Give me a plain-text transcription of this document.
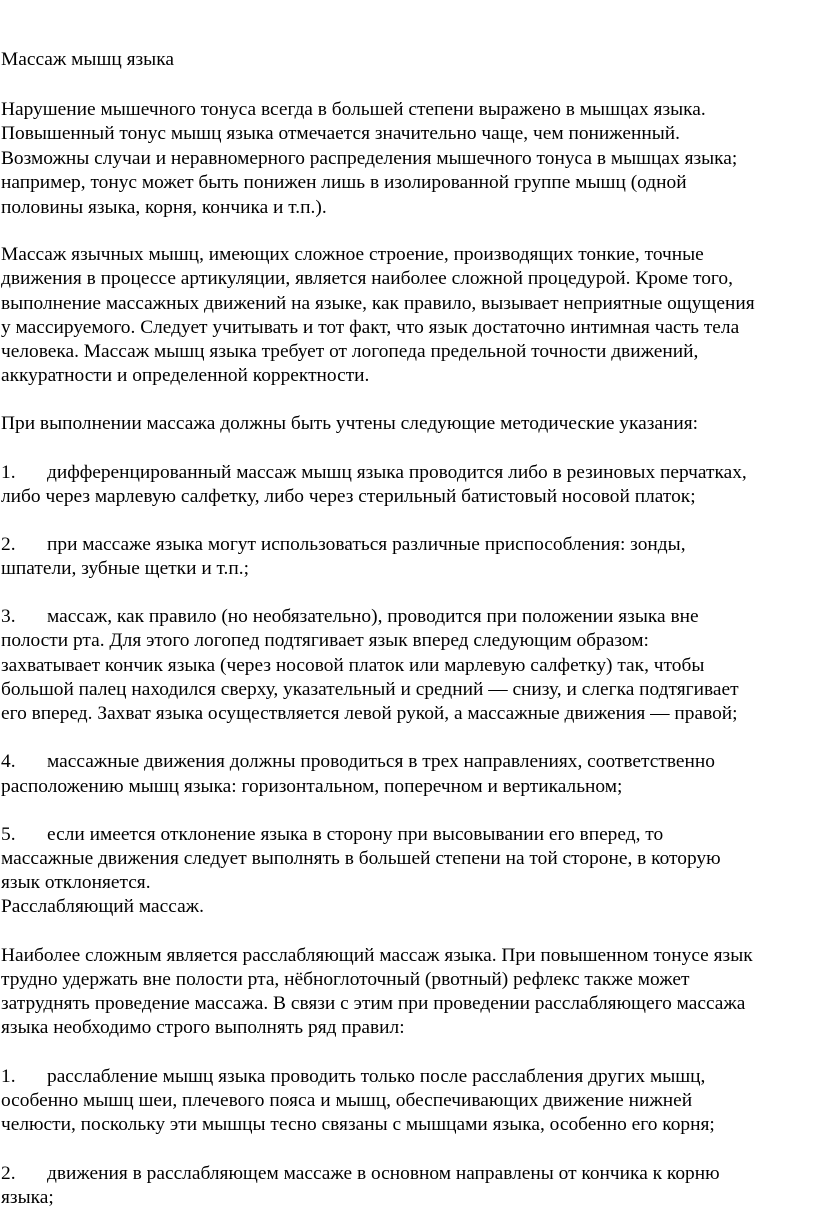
Массаж мышц языка
Нарушение мышечного тонуса всегда в большей степени выражено в мышцах языка.
Повышенный тонус мышц языка отмечается значительно чаще, чем пониженный.
Возможны случаи и неравномерного распределения мышечного тонуса в мышцах языка;
например, тонус может быть понижен лишь в изолированной группе мышц (одной
половины языка, корня, кончика и т.п.).
Массаж язычных мышц, имеющих сложное строение, производящих тонкие, точные
движения в процессе артикуляции, является наиболее сложной процедурой. Кроме того,
выполнение массажных движений на языке, как правило, вызывает неприятные ощущения
у массируемого. Следует учитывать и тот факт, что язык достаточно интимная часть тела
человека. Массаж мышц языка требует от логопеда предельной точности движений,
аккуратности и определенной корректности.
При выполнении массажа должны быть учтены следующие методические указания:
1. дифференцированный массаж мышц языка проводится либо в резиновых перчатках,
либо через марлевую салфетку, либо через стерильный батистовый носовой платок;
2. при массаже языка могут использоваться различные приспособления: зонды,
шпатели, зубные щетки и т.п.;
3. массаж, как правило (но необязательно), проводится при положении языка вне
полости рта. Для этого логопед подтягивает язык вперед следующим образом:
захватывает кончик языка (через носовой платок или марлевую салфетку) так, чтобы
большой палец находился сверху, указательный и средний — снизу, и слегка подтягивает
его вперед. Захват языка осуществляется левой рукой, а массажные движения — правой;
4. массажные движения должны проводиться в трех направлениях, соответственно
расположению мышц языка: горизонтальном, поперечном и вертикальном;
5. если имеется отклонение языка в сторону при высовывании его вперед, то
массажные движения следует выполнять в большей степени на той стороне, в которую
язык отклоняется.
Расслабляющий массаж.
Наиболее сложным является расслабляющий массаж языка. При повышенном тонусе язык
трудно удержать вне полости рта, нёбноглоточный (рвотный) рефлекс также может
затруднять проведение массажа. В связи с этим при проведении расслабляющего массажа
языка необходимо строго выполнять ряд правил:
1. расслабление мышц языка проводить только после расслабления других мышц,
особенно мышц шеи, плечевого пояса и мышц, обеспечивающих движение нижней
челюсти, поскольку эти мышцы тесно связаны с мышцами языка, особенно его корня;
2. движения в расслабляющем массаже в основном направлены от кончика к корню
языка;
